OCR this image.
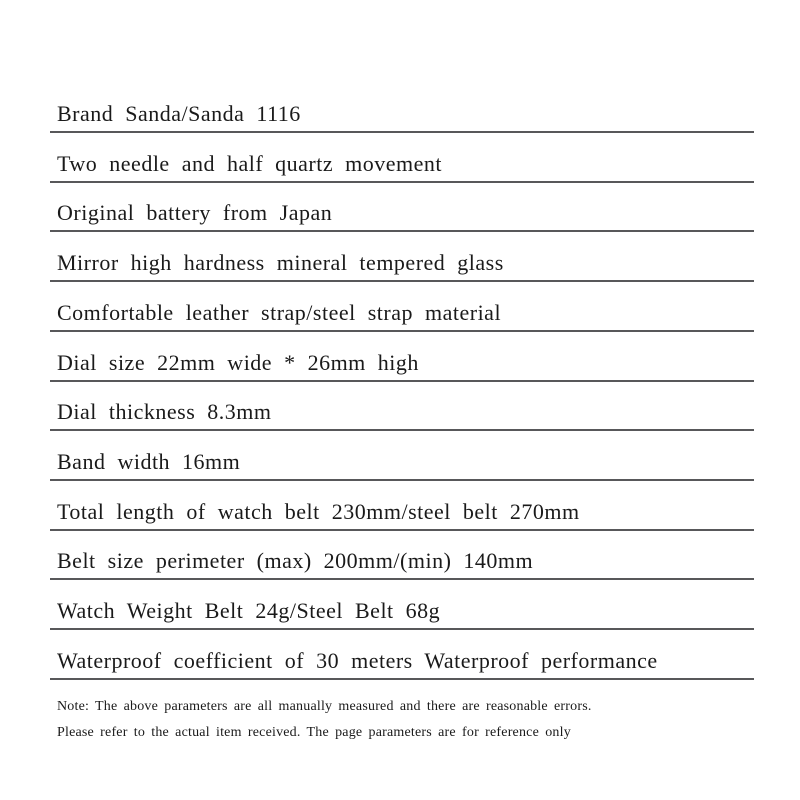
Brand Sanda/Sanda 1116
Two needle and half quartz movement
Original battery from Japan
Mirror high hardness mineral tempered glass
Comfortable leather strap/steel strap material
Dial size 22mm wide * 26mm high
Dial thickness 8.3mm
Band width 16mm
Total length of watch belt 230mm/steel belt 270mm
Belt size perimeter (max) 200mm/(min) 140mm
Watch Weight Belt 24g/Steel Belt 68g
Waterproof coefficient of 30 meters Waterproof performance
Note: The above parameters are all manually measured and there are reasonable errors.
Please refer to the actual item received. The page parameters are for reference only
